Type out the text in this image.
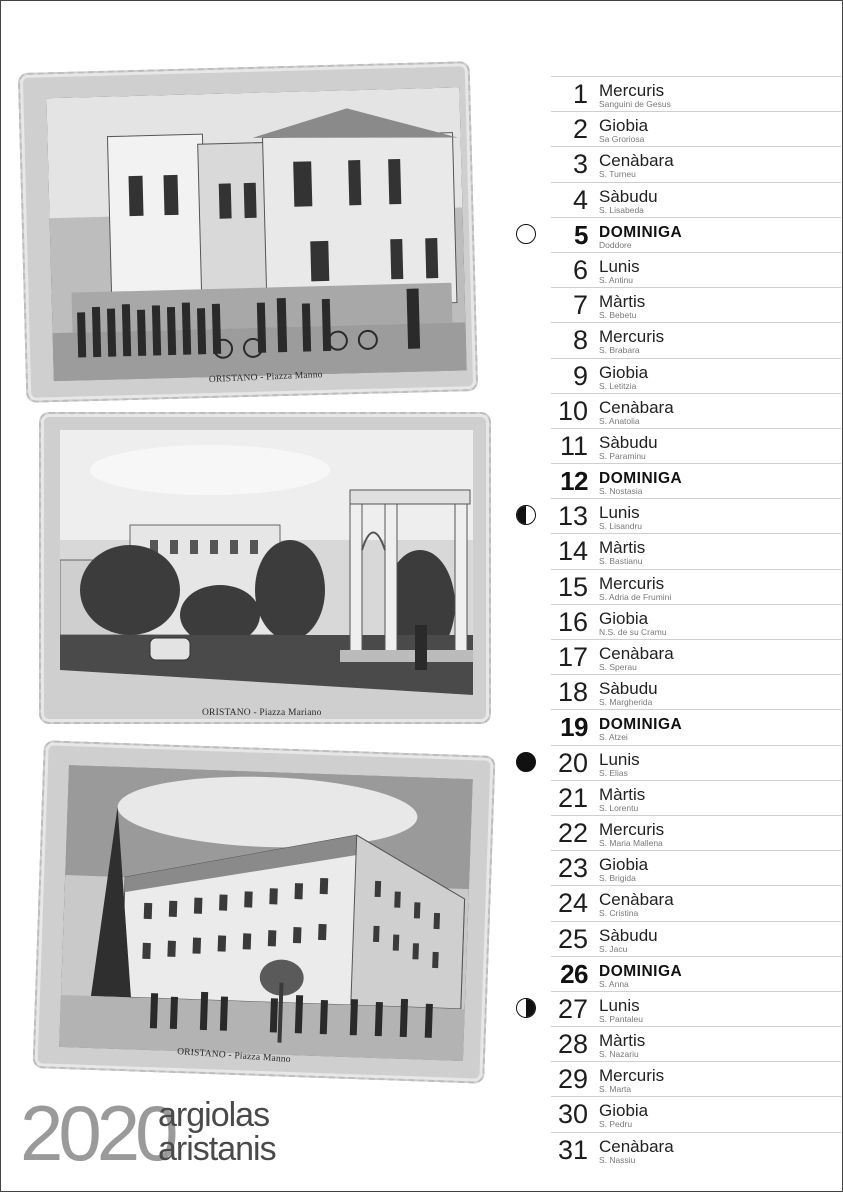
ORISTANO - Piazza Manno
ORISTANO - Piazza Mariano
ORISTANO - Piazza Manno
2020
argiolas
aristanis
1 Mercuris
Sanguini de Gesus
2 Giobia
Sa Groriosa
3 Cenàbara
S. Turneu
4 Sàbudu
S. Lisabeda
5 DOMINIGA
Doddore
6 Lunis
S. Antinu
7 Màrtis
S. Bebetu
8 Mercuris
S. Brabara
9 Giobia
S. Letitzia
10 Cenàbara
S. Anatolia
11 Sàbudu
S. Paraminu
12 DOMINIGA
S. Nostasia
13 Lunis
S. Lisandru
14 Màrtis
S. Bastianu
15 Mercuris
S. Adria de Frumini
16 Giobia
N.S. de su Cramu
17 Cenàbara
S. Sperau
18 Sàbudu
S. Margherida
19 DOMINIGA
S. Atzei
20 Lunis
S. Elias
21 Màrtis
S. Lorentu
22 Mercuris
S. Maria Mallena
23 Giobia
S. Brigida
24 Cenàbara
S. Cristina
25 Sàbudu
S. Jacu
26 DOMINIGA
S. Anna
27 Lunis
S. Pantaleu
28 Màrtis
S. Nazariu
29 Mercuris
S. Marta
30 Giobia
S. Pedru
31 Cenàbara
S. Nassiu
